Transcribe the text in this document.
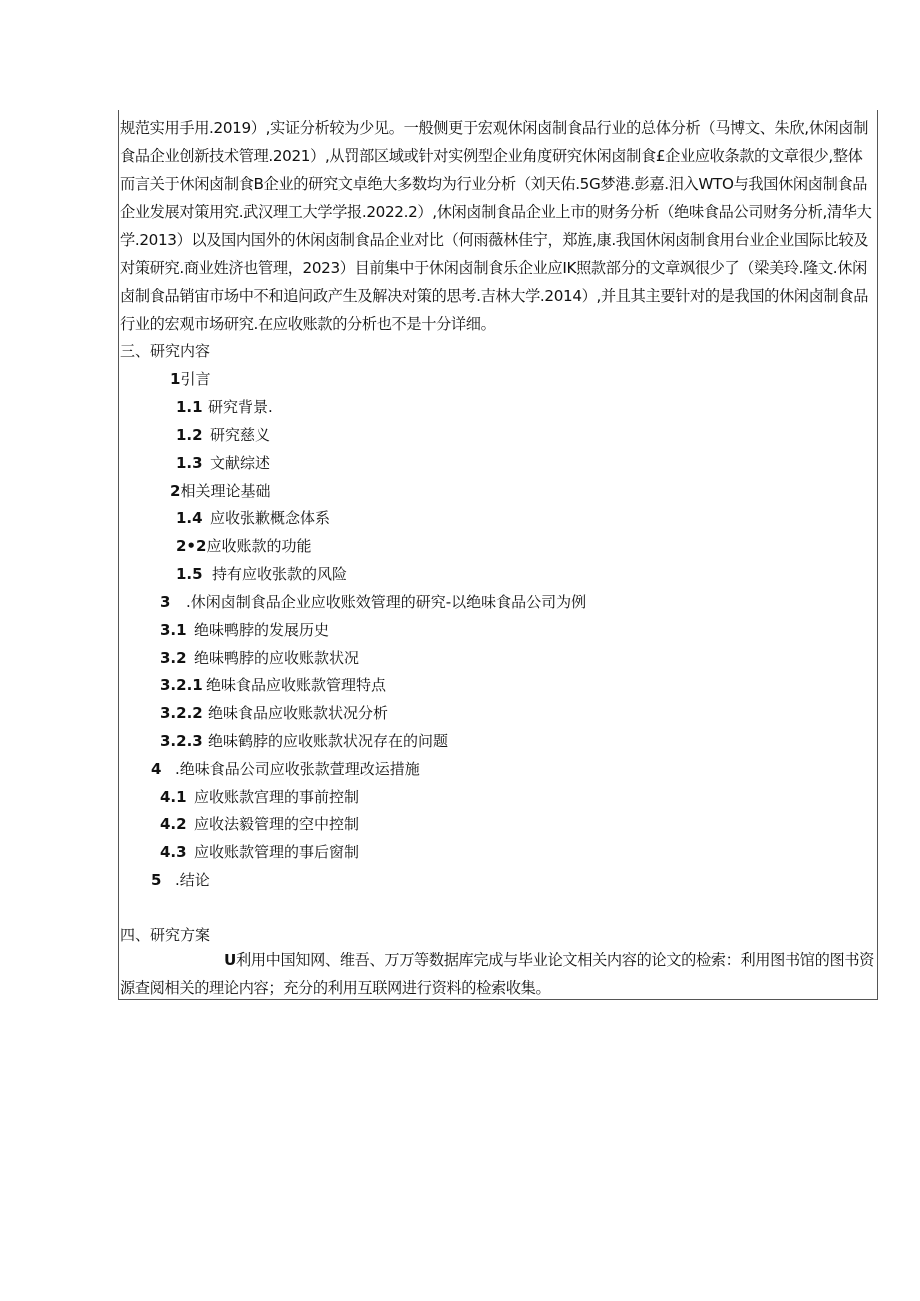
规范实用手用.2019）,实证分析较为少见。一般侧更于宏观休闲卤制食品行业的总体分析（马博文、朱欣,休闲卤制食品企业创新技术管理.2021）,从罚部区域或针对实例型企业角度研究休闲卤制食£企业应收条款的文章很少,整体而言关于休闲卤制食B企业的研究文卓绝大多数均为行业分析（刘天佑.5G梦港.彭嘉.汨入WTO与我国休闲卤制食品企业发展对策用究.武汉理工大学学报.2022.2）,休闲卤制食品企业上市的财务分析（绝味食品公司财务分析,清华大学.2013）以及国内国外的休闲卤制食品企业对比（何雨薇林佳宁，郑旌,康.我国休闲卤制食用台业企业国际比较及对策研究.商业姓济也管理，2023）目前集中于休闲卤制食乐企业应IK照款部分的文章飒很少了（梁美玲.隆文.休闲卤制食品销宙市场中不和追问政产生及解决对策的思考.吉林大学.2014）,并且其主要针对的是我国的休闲卤制食品行业的宏观市场研究.在应收账款的分析也不是十分详细。

三、研究内容

1引言

1.1 研究背景.

1.2 研究慈义

1.3 文献综述

2相关理论基础

1.4 应收张歉概念体系

2•2应收账款的功能

1.5 持有应收张款的风险

3 .休闲卤制食品企业应收账效管理的研究-以绝味食品公司为例

3.1 绝味鸭脖的发展历史

3.2 绝味鸭脖的应收账款状况

3.2.1 绝味食品应收账款管理特点

3.2.2 绝味食品应收账款状况分析

3.2.3 绝味鹤脖的应收账款状况存在的问题

4 .绝味食品公司应收张款萱理改运措施

4.1 应收账款宫理的事前控制

4.2 应收法毅管理的空中控制

4.3 应收账款管理的事后窗制

5 .结论

四、研究方案

U利用中国知网、维吾、万万等数据库完成与毕业论文相关内容的论文的检索：利用图书馆的图书资源查阅相关的理论内容；充分的利用互联网进行资料的检索收集。
